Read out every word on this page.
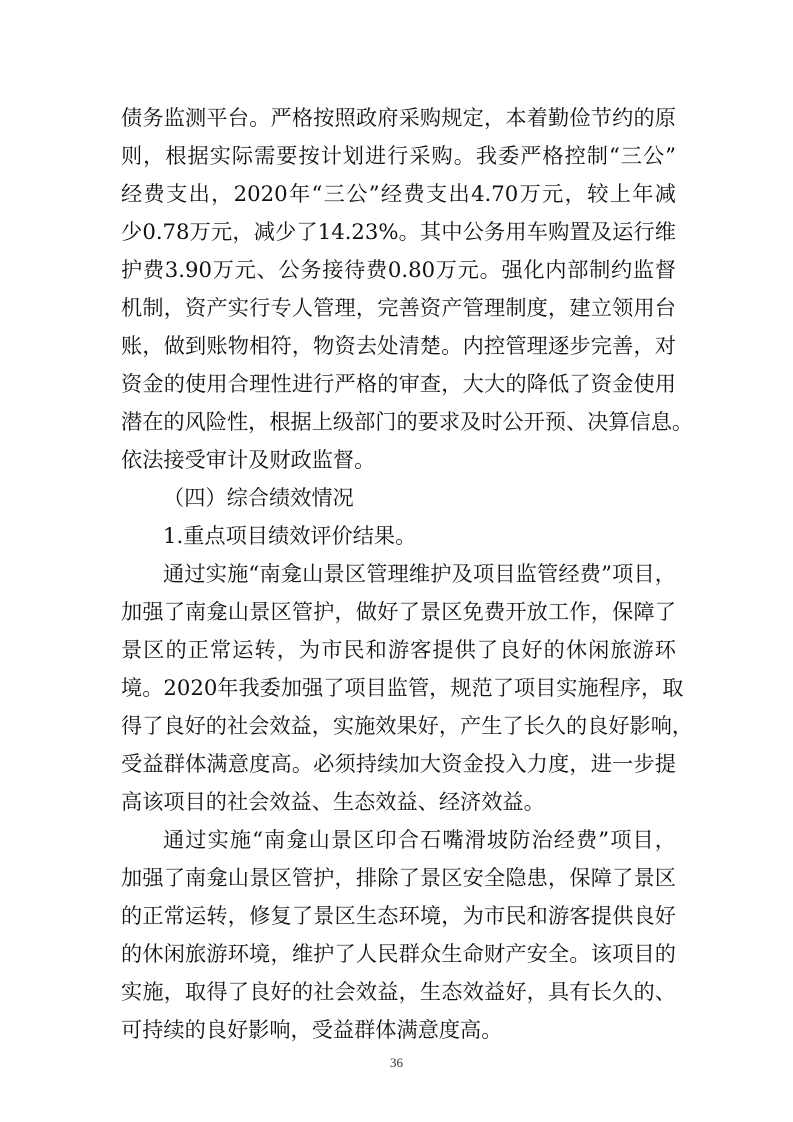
债务监测平台。严格按照政府采购规定，本着勤俭节约的原
则，根据实际需要按计划进行采购。我委严格控制“三公”
经费支出，2020年“三公”经费支出4.70万元，较上年减
少0.78万元，减少了14.23%。其中公务用车购置及运行维
护费3.90万元、公务接待费0.80万元。强化内部制约监督
机制，资产实行专人管理，完善资产管理制度，建立领用台
账，做到账物相符，物资去处清楚。内控管理逐步完善，对
资金的使用合理性进行严格的审查，大大的降低了资金使用
潜在的风险性，根据上级部门的要求及时公开预、决算信息。
依法接受审计及财政监督。
（四）综合绩效情况
1.重点项目绩效评价结果。
通过实施“南龛山景区管理维护及项目监管经费”项目，
加强了南龛山景区管护，做好了景区免费开放工作，保障了
景区的正常运转，为市民和游客提供了良好的休闲旅游环
境。2020年我委加强了项目监管，规范了项目实施程序，取
得了良好的社会效益，实施效果好，产生了长久的良好影响，
受益群体满意度高。必须持续加大资金投入力度，进一步提
高该项目的社会效益、生态效益、经济效益。
通过实施“南龛山景区印合石嘴滑坡防治经费”项目，
加强了南龛山景区管护，排除了景区安全隐患，保障了景区
的正常运转，修复了景区生态环境，为市民和游客提供良好
36
的休闲旅游环境，维护了人民群众生命财产安全。该项目的
实施，取得了良好的社会效益，生态效益好，具有长久的、
可持续的良好影响，受益群体满意度高。
